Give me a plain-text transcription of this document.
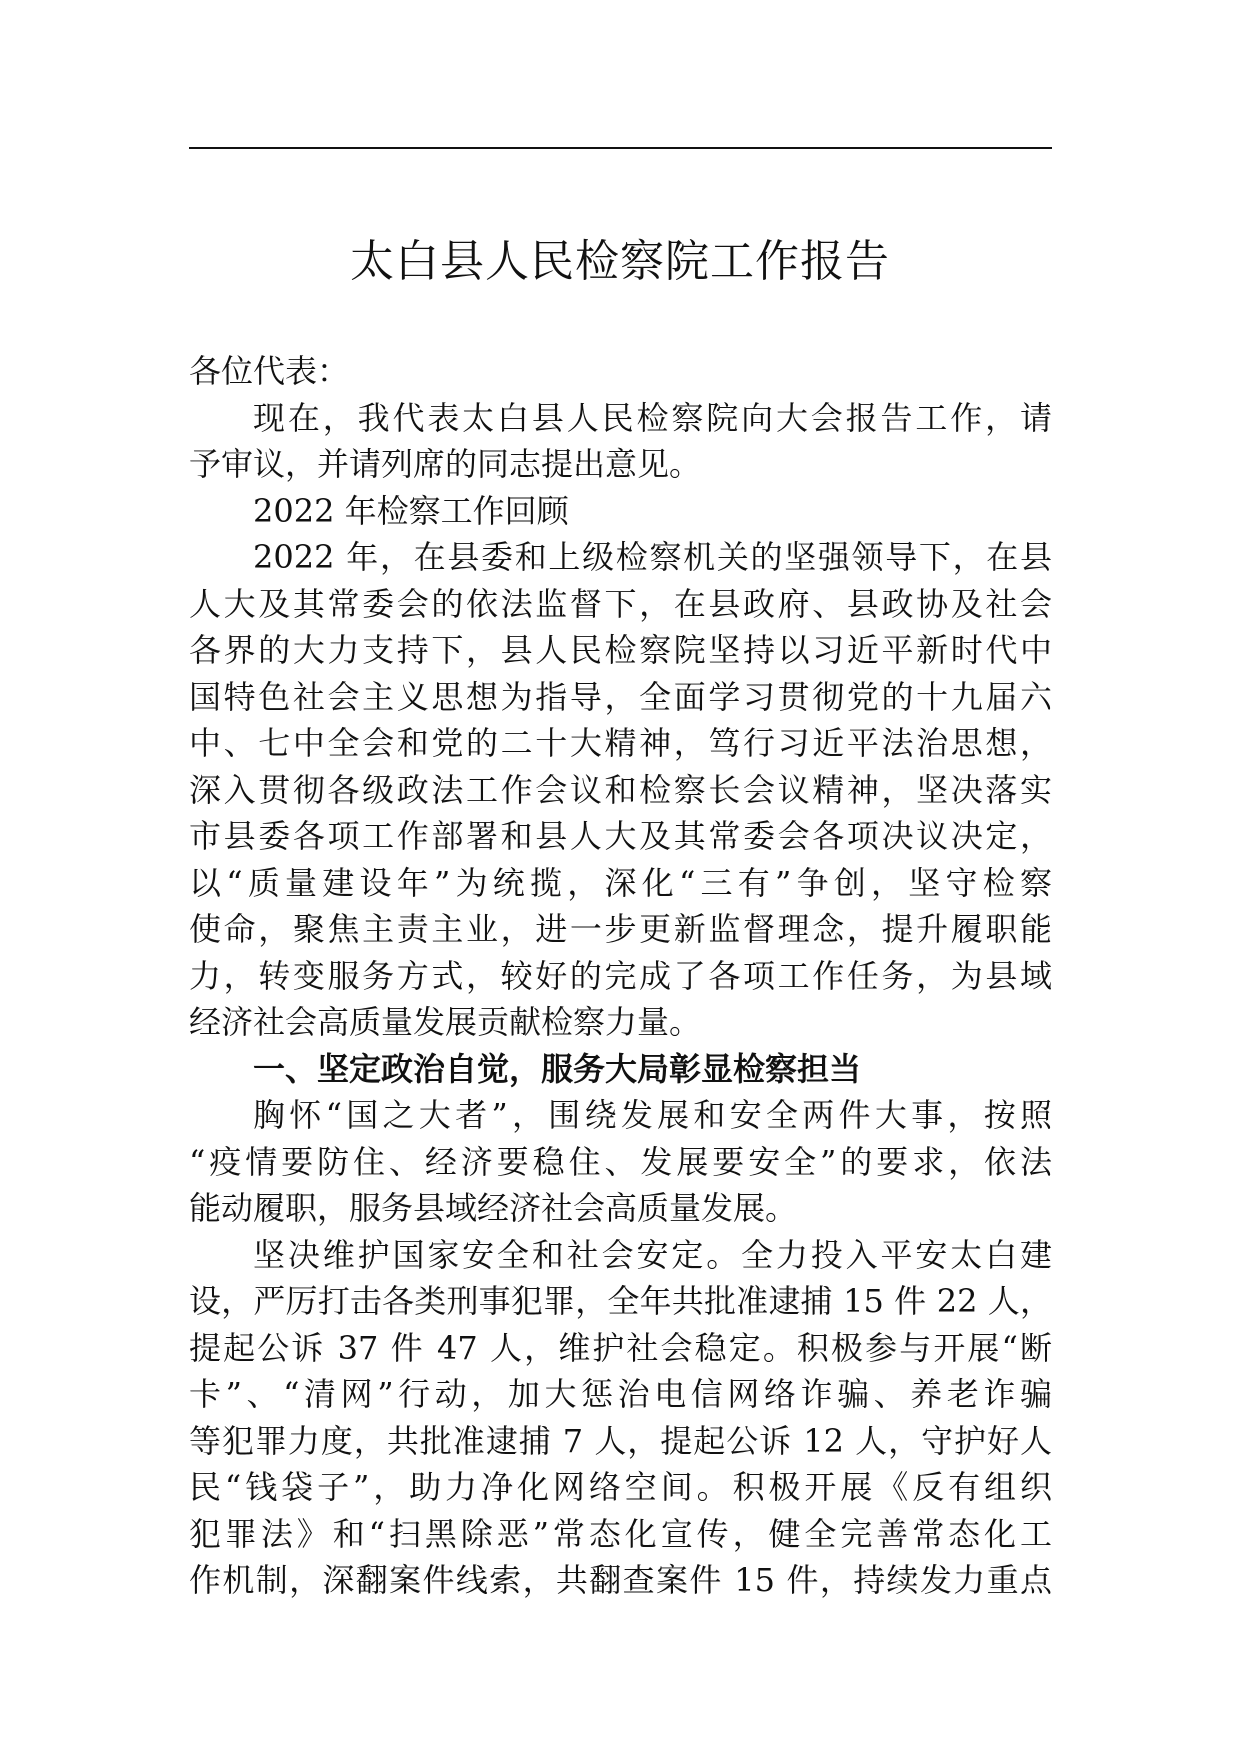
太白县人民检察院工作报告
各位代表：
现在，我代表太白县人民检察院向大会报告工作，请
予审议，并请列席的同志提出意见。
2022 年检察工作回顾
2022 年，在县委和上级检察机关的坚强领导下，在县
人大及其常委会的依法监督下，在县政府、县政协及社会
各界的大力支持下，县人民检察院坚持以习近平新时代中
国特色社会主义思想为指导，全面学习贯彻党的十九届六
中、七中全会和党的二十大精神，笃行习近平法治思想，
深入贯彻各级政法工作会议和检察长会议精神，坚决落实
市县委各项工作部署和县人大及其常委会各项决议决定，
以“质量建设年”为统揽，深化“三有”争创，坚守检察
使命，聚焦主责主业，进一步更新监督理念，提升履职能
力，转变服务方式，较好的完成了各项工作任务，为县域
经济社会高质量发展贡献检察力量。
一、坚定政治自觉，服务大局彰显检察担当
胸怀“国之大者”，围绕发展和安全两件大事，按照
“疫情要防住、经济要稳住、发展要安全”的要求，依法
能动履职，服务县域经济社会高质量发展。
坚决维护国家安全和社会安定。全力投入平安太白建
设，严厉打击各类刑事犯罪，全年共批准逮捕 15 件 22 人，
提起公诉 37 件 47 人，维护社会稳定。积极参与开展“断
卡”、“清网”行动，加大惩治电信网络诈骗、养老诈骗
等犯罪力度，共批准逮捕 7 人，提起公诉 12 人，守护好人
民“钱袋子”，助力净化网络空间。积极开展《反有组织
犯罪法》和“扫黑除恶”常态化宣传，健全完善常态化工
作机制，深翻案件线索，共翻查案件 15 件，持续发力重点
